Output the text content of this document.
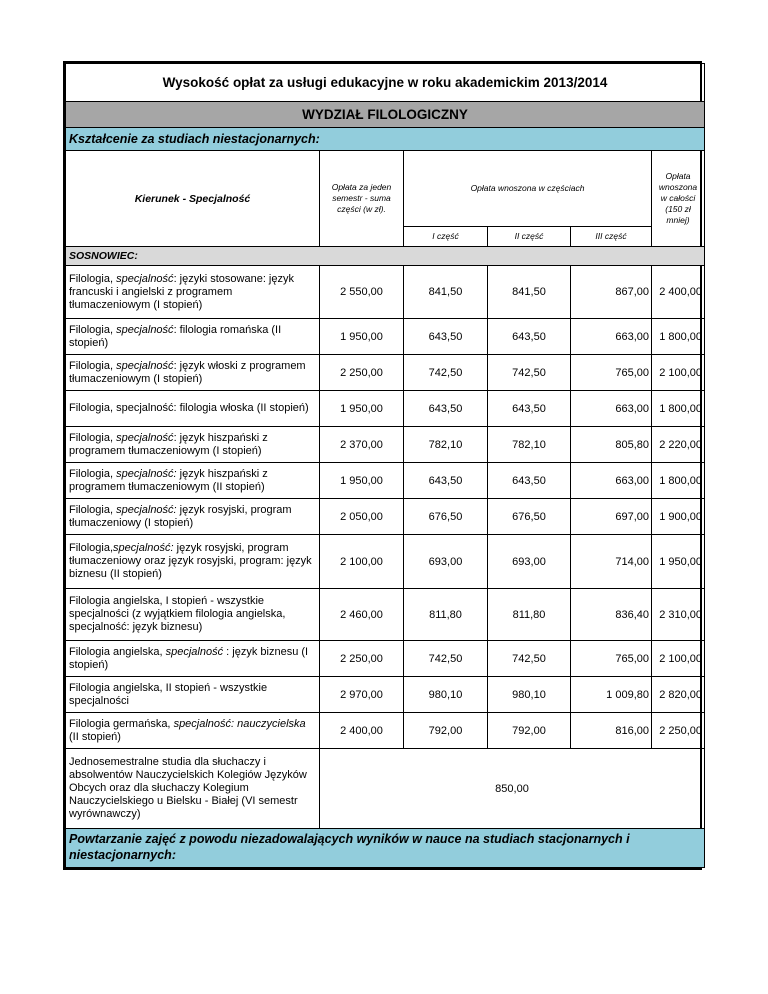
Wysokość opłat za usługi edukacyjne w roku akademickim 2013/2014					
WYDZIAŁ FILOLOGICZNY					
Kształcenie za studiach niestacjonarnych:					
Kierunek - Specjalność	Opłata za jeden semestr - suma części (w zł).	Opłata wnoszona w częściach			Opłata wnoszona w całości (150 zł mniej)
		I część	II część	III część	
SOSNOWIEC:					
Filologia, specjalność: języki stosowane: język francuski i angielski z programem tłumaczeniowym (I stopień)	2 550,00	841,50	841,50	867,00	2 400,00
Filologia, specjalność: filologia romańska (II stopień)	1 950,00	643,50	643,50	663,00	1 800,00
Filologia, specjalność: język włoski z programem tłumaczeniowym (I stopień)	2 250,00	742,50	742,50	765,00	2 100,00
Filologia, specjalność: filologia włoska (II stopień)	1 950,00	643,50	643,50	663,00	1 800,00
Filologia, specjalność: język hiszpański z programem tłumaczeniowym (I stopień)	2 370,00	782,10	782,10	805,80	2 220,00
Filologia, specjalność: język hiszpański z programem tłumaczeniowym (II stopień)	1 950,00	643,50	643,50	663,00	1 800,00
Filologia, specjalność: język rosyjski, program tłumaczeniowy (I stopień)	2 050,00	676,50	676,50	697,00	1 900,00
Filologia,specjalność: język rosyjski, program tłumaczeniowy oraz język rosyjski, program: język biznesu (II stopień)	2 100,00	693,00	693,00	714,00	1 950,00
Filologia angielska, I stopień - wszystkie specjalności (z wyjątkiem filologia angielska, specjalność: język biznesu)	2 460,00	811,80	811,80	836,40	2 310,00
Filologia angielska, specjalność : język biznesu (I stopień)	2 250,00	742,50	742,50	765,00	2 100,00
Filologia angielska, II stopień - wszystkie specjalności	2 970,00	980,10	980,10	1 009,80	2 820,00
Filologia germańska, specjalność: nauczycielska (II stopień)	2 400,00	792,00	792,00	816,00	2 250,00
Jednosemestralne studia dla słuchaczy i absolwentów Nauczycielskich Kolegiów Języków Obcych oraz dla słuchaczy Kolegium Nauczycielskiego u Bielsku - Białej (VI semestr wyrównawczy)	850,00				
Powtarzanie zajęć z powodu niezadowalających wyników w nauce na studiach stacjonarnych i niestacjonarnych:					
